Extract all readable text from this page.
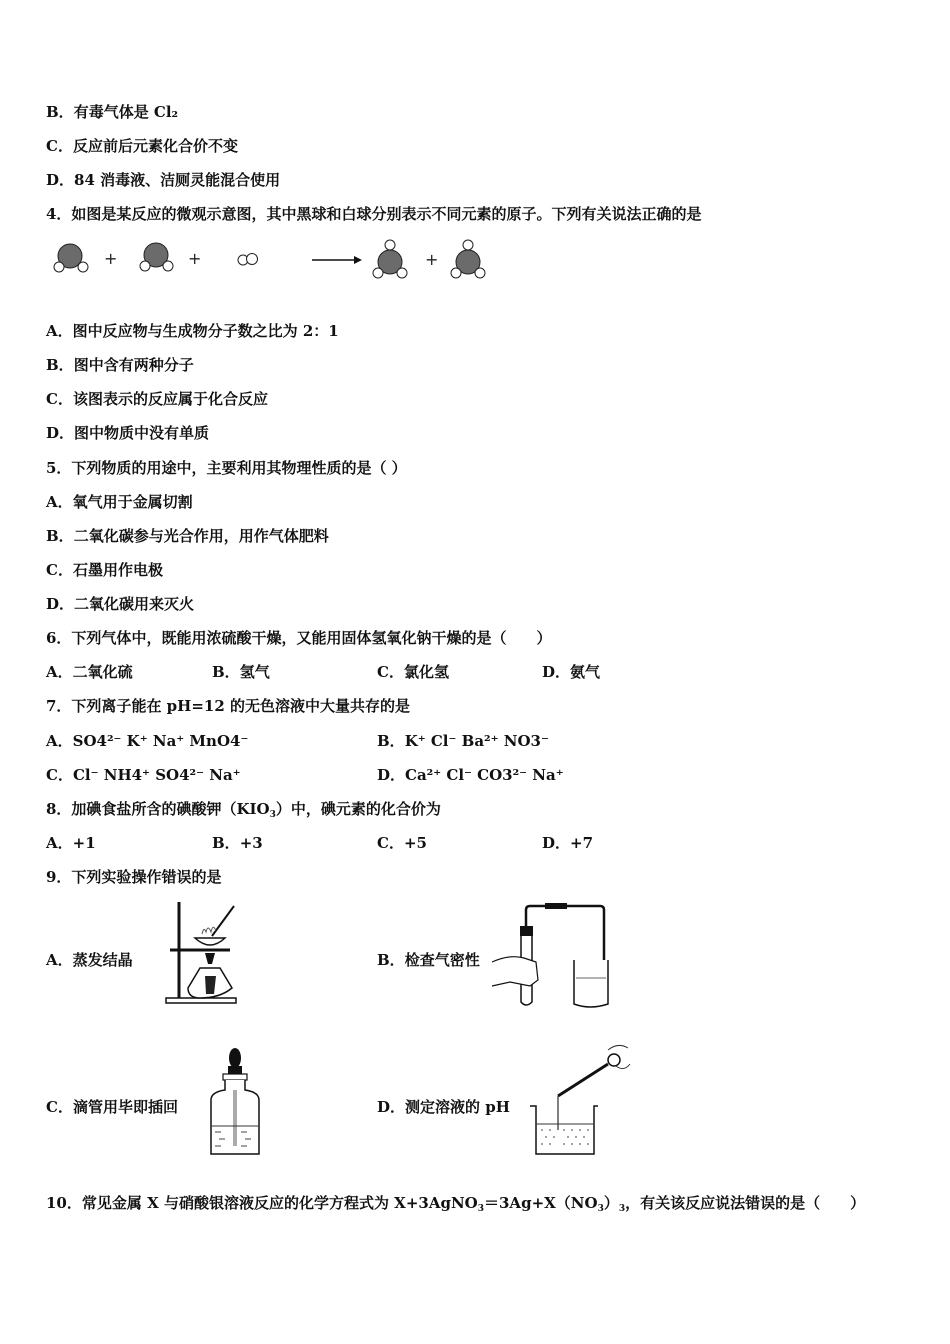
B．有毒气体是 Cl₂
C．反应前后元素化合价不变
D．84 消毒液、洁厕灵能混合使用
4．如图是某反应的微观示意图，其中黑球和白球分别表示不同元素的原子。下列有关说法正确的是
+	+	+
A．图中反应物与生成物分子数之比为 2：1
B．图中含有两种分子
C．该图表示的反应属于化合反应
D．图中物质中没有单质
5．下列物质的用途中，主要利用其物理性质的是（ ）
A．氧气用于金属切割
B．二氧化碳参与光合作用，用作气体肥料
C．石墨用作电极
D．二氧化碳用来灭火
6．下列气体中，既能用浓硫酸干燥，又能用固体氢氧化钠干燥的是（　　）
A．二氧化硫	B．氢气	C．氯化氢	D．氨气
7．下列离子能在 pH=12 的无色溶液中大量共存的是
A．SO4²⁻ K⁺ Na⁺ MnO4⁻	B．K⁺ Cl⁻ Ba²⁺ NO3⁻
C．Cl⁻ NH4⁺ SO4²⁻ Na⁺	D．Ca²⁺ Cl⁻ CO3²⁻ Na⁺
8．加碘食盐所含的碘酸钾$(KIO_3)$中，碘元素的化合价为
A．+1	B．+3	C．+5	D．+7
9．下列实验操作错误的是
A．蒸发结晶	B．检查气密性
C．滴管用毕即插回	D．测定溶液的 pH
10．常见金属 X 与硝酸银溶液反应的化学方程式为 $X+3AgNO_3=3Ag+X(NO_3)_3$，有关该反应说法错误的是（　　）
